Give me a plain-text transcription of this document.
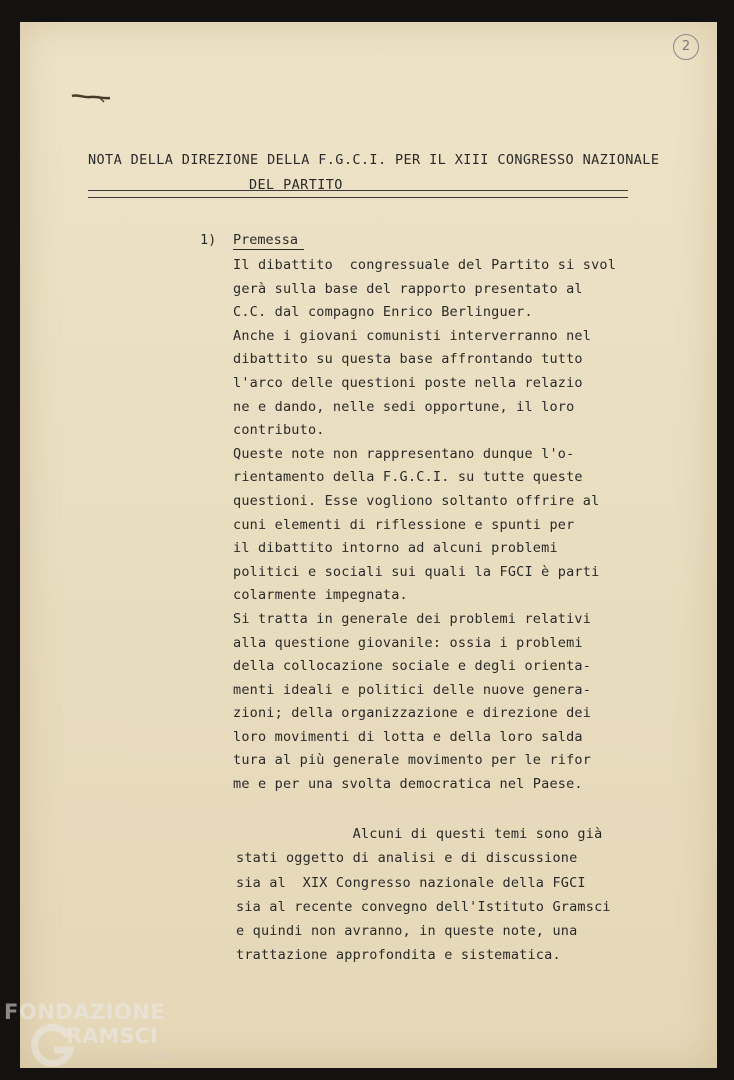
2
NOTA DELLA DIREZIONE DELLA F.G.C.I. PER IL XIII CONGRESSO NAZIONALE
DEL PARTITO
1) Premessa
Il dibattito  congressuale del Partito si svol
gerà sulla base del rapporto presentato al
C.C. dal compagno Enrico Berlinguer.
Anche i giovani comunisti interverranno nel
dibattito su questa base affrontando tutto
l'arco delle questioni poste nella relazio
ne e dando, nelle sedi opportune, il loro
contributo.
Queste note non rappresentano dunque l'o-
rientamento della F.G.C.I. su tutte queste
questioni. Esse vogliono soltanto offrire al
cuni elementi di riflessione e spunti per
il dibattito intorno ad alcuni problemi
politici e sociali sui quali la FGCI è parti
colarmente impegnata.
Si tratta in generale dei problemi relativi
alla questione giovanile: ossia i problemi
della collocazione sociale e degli orienta-
menti ideali e politici delle nuove genera-
zioni; della organizzazione e direzione dei
loro movimenti di lotta e della loro salda
tura al più generale movimento per le rifor
me e per una svolta democratica nel Paese.
Alcuni di questi temi sono già
stati oggetto di analisi e di discussione
sia al  XIX Congresso nazionale della FGCI
sia al recente convegno dell'Istituto Gramsci
e quindi non avranno, in queste note, una
trattazione approfondita e sistematica.
FONDAZIONE
RAMSCI
onlus
